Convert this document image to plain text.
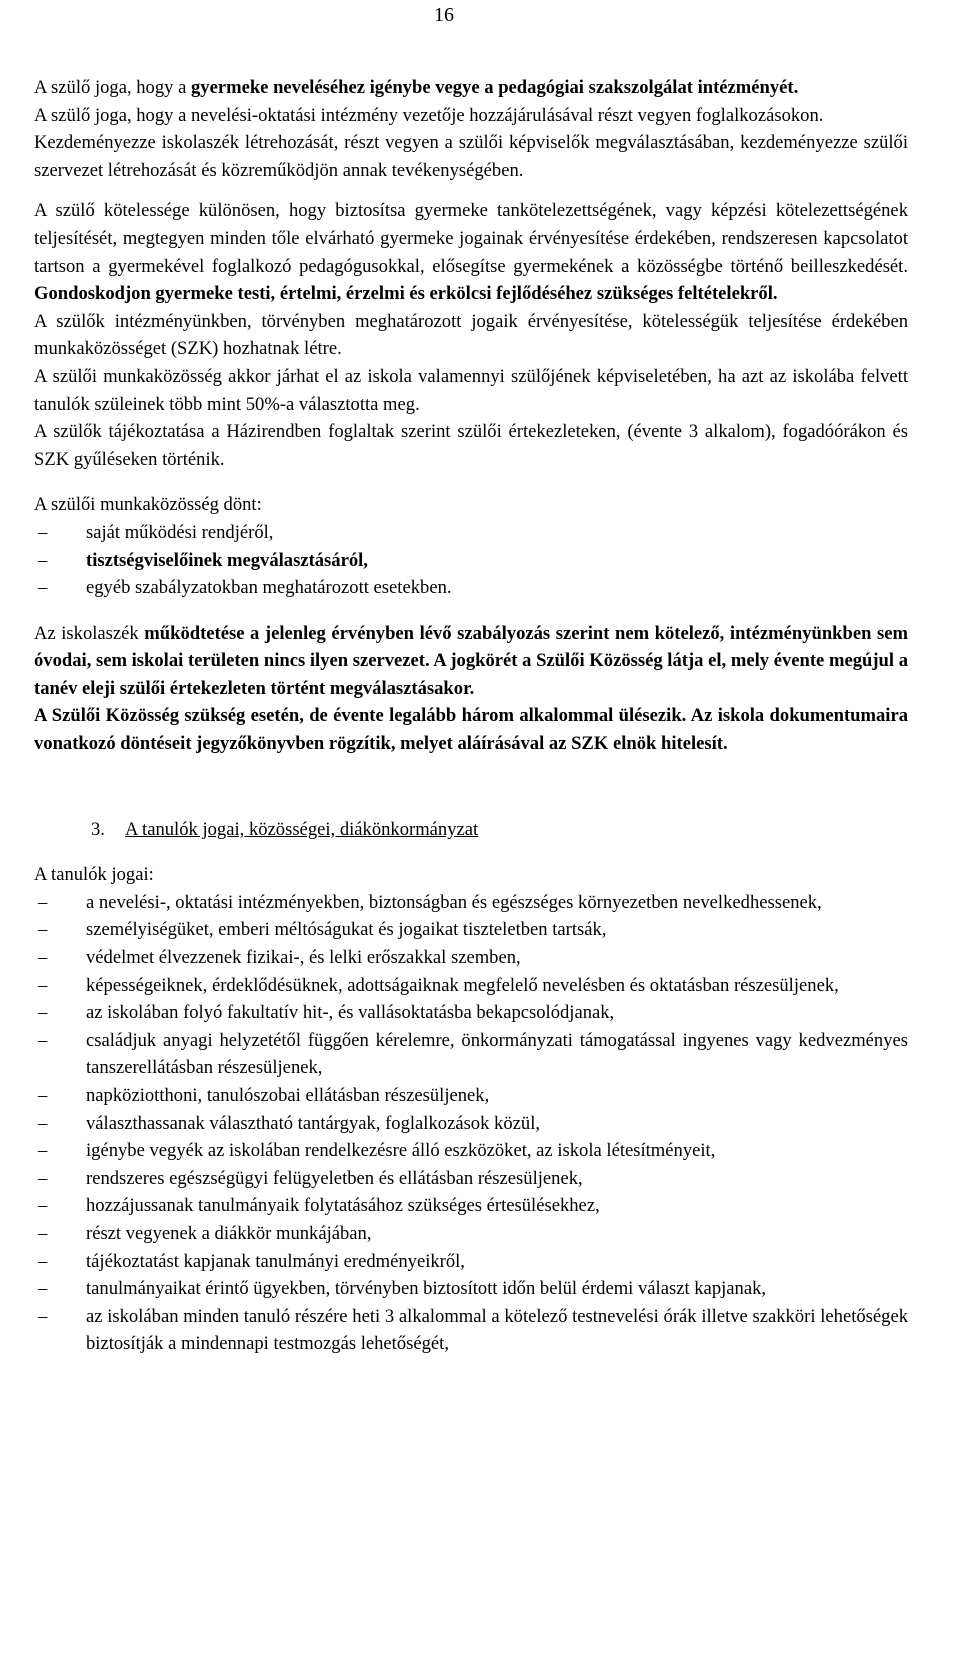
16

A szülő joga, hogy a gyermeke neveléséhez igénybe vegye a pedagógiai szakszolgálat intézményét.

A szülő joga, hogy a nevelési-oktatási intézmény vezetője hozzájárulásával részt vegyen foglalkozásokon.

Kezdeményezze iskolaszék létrehozását, részt vegyen a szülői képviselők megválasztásában, kezdeményezze szülői szervezet létrehozását és közreműködjön annak tevékenységében.

A szülő kötelessége különösen, hogy biztosítsa gyermeke tankötelezettségének, vagy képzési kötelezettségének teljesítését, megtegyen minden tőle elvárható gyermeke jogainak érvényesítése érdekében, rendszeresen kapcsolatot tartson a gyermekével foglalkozó pedagógusokkal, elősegítse gyermekének a közösségbe történő beilleszkedését. Gondoskodjon gyermeke testi, értelmi, érzelmi és erkölcsi fejlődéséhez szükséges feltételekről.

A szülők intézményünkben, törvényben meghatározott jogaik érvényesítése, kötelességük teljesítése érdekében munkaközösséget (SZK) hozhatnak létre.

A szülői munkaközösség akkor járhat el az iskola valamennyi szülőjének képviseletében, ha azt az iskolába felvett tanulók szüleinek több mint 50%-a választotta meg.

A szülők tájékoztatása a Házirendben foglaltak szerint szülői értekezleteken, (évente 3 alkalom), fogadóórákon és SZK gyűléseken történik.

A szülői munkaközösség dönt:

– saját működési rendjéről,
– tisztségviselőinek megválasztásáról,
– egyéb szabályzatokban meghatározott esetekben.

Az iskolaszék működtetése a jelenleg érvényben lévő szabályozás szerint nem kötelező, intézményünkben sem óvodai, sem iskolai területen nincs ilyen szervezet. A jogkörét a Szülői Közösség látja el, mely évente megújul a tanév eleji szülői értekezleten történt megválasztásakor.

A Szülői Közösség szükség esetén, de évente legalább három alkalommal ülésezik. Az iskola dokumentumaira vonatkozó döntéseit jegyzőkönyvben rögzítik, melyet aláírásával az SZK elnök hitelesít.

3. A tanulók jogai, közösségei, diákönkormányzat

A tanulók jogai:

– a nevelési-, oktatási intézményekben, biztonságban és egészséges környezetben nevelkedhessenek,
– személyiségüket, emberi méltóságukat és jogaikat tiszteletben tartsák,
– védelmet élvezzenek fizikai-, és lelki erőszakkal szemben,
– képességeiknek, érdeklődésüknek, adottságaiknak megfelelő nevelésben és oktatásban részesüljenek,
– az iskolában folyó fakultatív hit-, és vallásoktatásba bekapcsolódjanak,
– családjuk anyagi helyzetétől függően kérelemre, önkormányzati támogatással ingyenes vagy kedvezményes tanszerellátásban részesüljenek,
– napköziotthoni, tanulószobai ellátásban részesüljenek,
– választhassanak választható tantárgyak, foglalkozások közül,
– igénybe vegyék az iskolában rendelkezésre álló eszközöket, az iskola létesítményeit,
– rendszeres egészségügyi felügyeletben és ellátásban részesüljenek,
– hozzájussanak tanulmányaik folytatásához szükséges értesülésekhez,
– részt vegyenek a diákkör munkájában,
– tájékoztatást kapjanak tanulmányi eredményeikről,
– tanulmányaikat érintő ügyekben, törvényben biztosított időn belül érdemi választ kapjanak,
– az iskolában minden tanuló részére heti 3 alkalommal a kötelező testnevelési órák illetve szakköri lehetőségek biztosítják a mindennapi testmozgás lehetőségét,
